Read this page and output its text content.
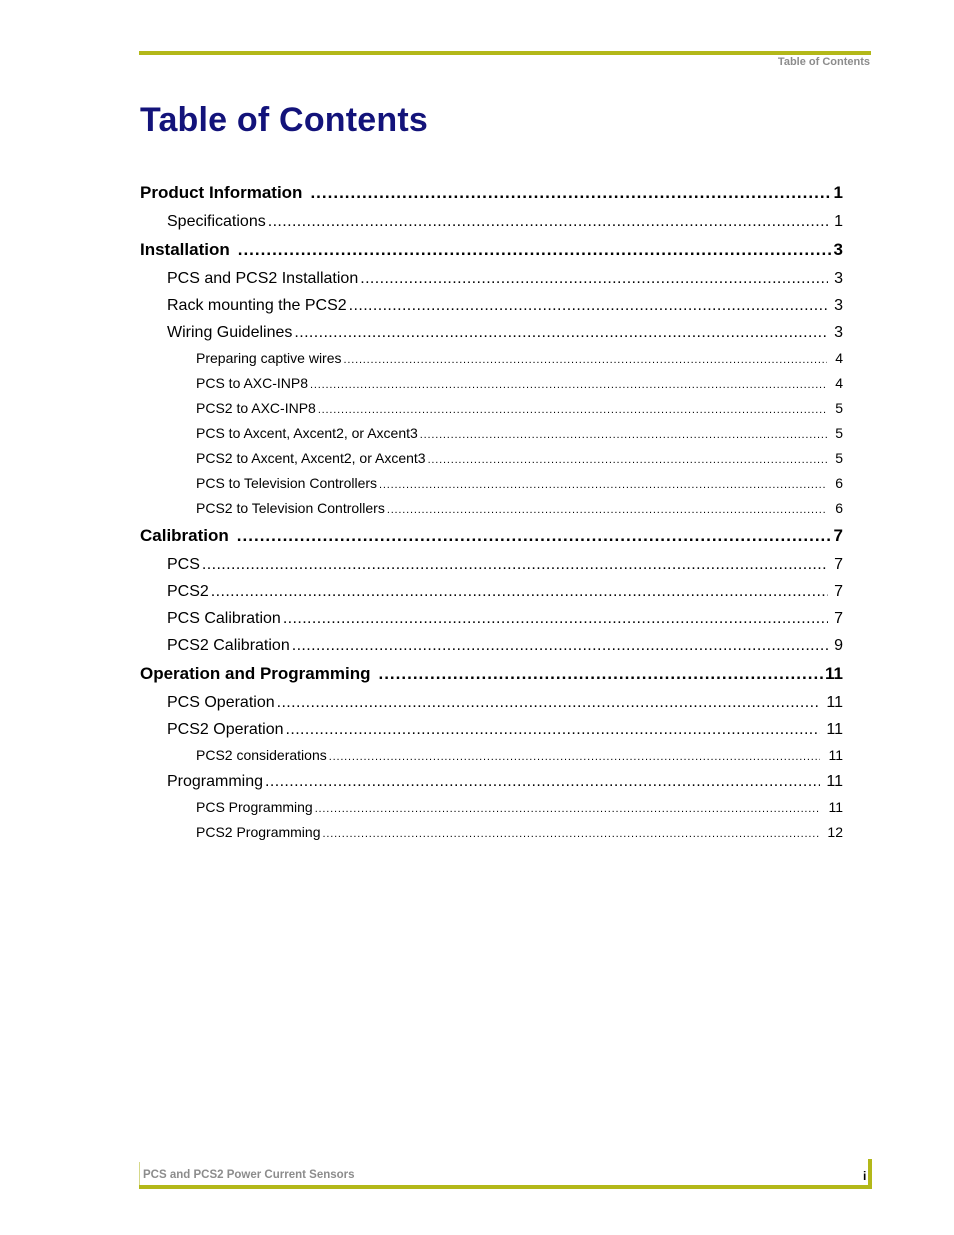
Table of Contents
Table of Contents
Product Information .....	1
Specifications .....	1
Installation .....	3
PCS and PCS2 Installation .....	3
Rack mounting the PCS2 .....	3
Wiring Guidelines .....	3
Preparing captive wires .....	4
PCS to AXC-INP8 .....	4
PCS2 to AXC-INP8 .....	5
PCS to Axcent, Axcent2, or Axcent3 .....	5
PCS2 to Axcent, Axcent2, or Axcent3 .....	5
PCS to Television Controllers .....	6
PCS2 to Television Controllers .....	6
Calibration .....	7
PCS .....	7
PCS2 .....	7
PCS Calibration .....	7
PCS2 Calibration .....	9
Operation and Programming .....	11
PCS Operation .....	11
PCS2 Operation .....	11
PCS2 considerations .....	11
Programming .....	11
PCS Programming .....	11
PCS2 Programming .....	12
PCS and PCS2 Power Current Sensors	i
